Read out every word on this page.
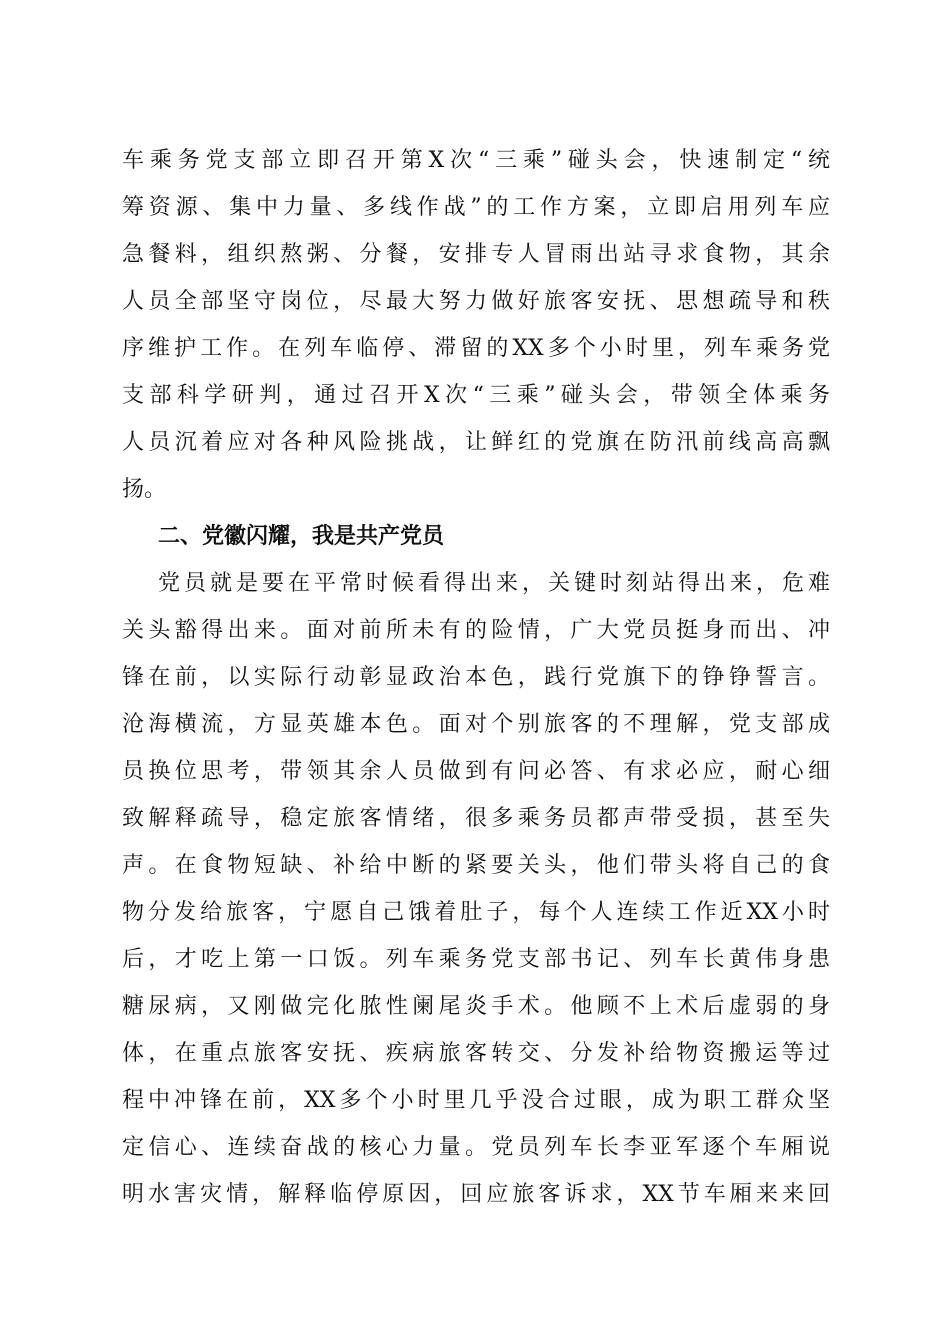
车乘务党支部立即召开第X次“三乘”碰头会，快速制定“统
筹资源、集中力量、多线作战”的工作方案，立即启用列车应
急餐料，组织熬粥、分餐，安排专人冒雨出站寻求食物，其余
人员全部坚守岗位，尽最大努力做好旅客安抚、思想疏导和秩
序维护工作。在列车临停、滞留的XX多个小时里，列车乘务党
支部科学研判，通过召开X次“三乘”碰头会，带领全体乘务
人员沉着应对各种风险挑战，让鲜红的党旗在防汛前线高高飘
扬。
二、党徽闪耀，我是共产党员
党员就是要在平常时候看得出来，关键时刻站得出来，危难
关头豁得出来。面对前所未有的险情，广大党员挺身而出、冲
锋在前，以实际行动彰显政治本色，践行党旗下的铮铮誓言。
沧海横流，方显英雄本色。面对个别旅客的不理解，党支部成
员换位思考，带领其余人员做到有问必答、有求必应，耐心细
致解释疏导，稳定旅客情绪，很多乘务员都声带受损，甚至失
声。在食物短缺、补给中断的紧要关头，他们带头将自己的食
物分发给旅客，宁愿自己饿着肚子，每个人连续工作近XX小时
后，才吃上第一口饭。列车乘务党支部书记、列车长黄伟身患
糖尿病，又刚做完化脓性阑尾炎手术。他顾不上术后虚弱的身
体，在重点旅客安抚、疾病旅客转交、分发补给物资搬运等过
程中冲锋在前，XX多个小时里几乎没合过眼，成为职工群众坚
定信心、连续奋战的核心力量。党员列车长李亚军逐个车厢说
明水害灾情，解释临停原因，回应旅客诉求，XX节车厢来来回
